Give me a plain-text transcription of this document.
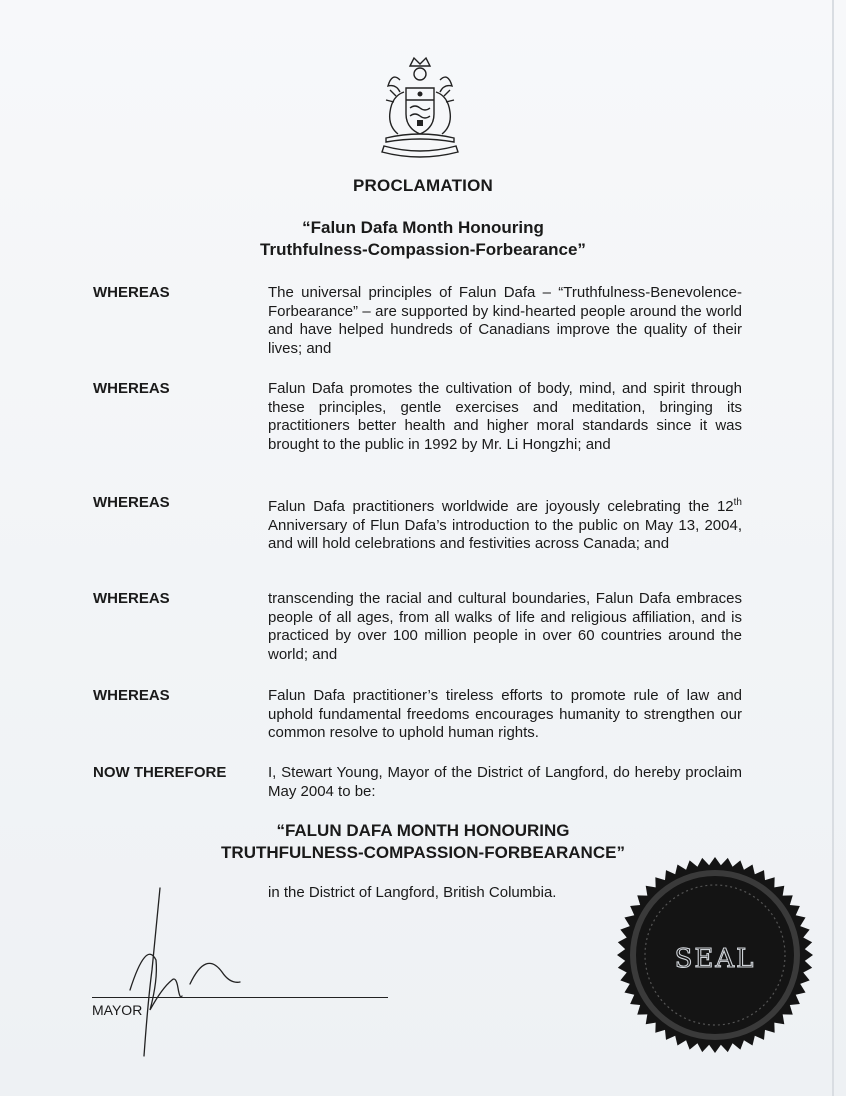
PROCLAMATION
“Falun Dafa Month Honouring
Truthfulness-Compassion-Forbearance”
WHEREAS	The universal principles of Falun Dafa – “Truthfulness-Benevolence-Forbearance” – are supported by kind-hearted people around the world and have helped hundreds of Canadians improve the quality of their lives; and
WHEREAS	Falun Dafa promotes the cultivation of body, mind, and spirit through these principles, gentle exercises and meditation, bringing its practitioners better health and higher moral standards since it was brought to the public in 1992 by Mr. Li Hongzhi; and
WHEREAS	Falun Dafa practitioners worldwide are joyously celebrating the 12th Anniversary of Flun Dafa’s introduction to the public on May 13, 2004, and will hold celebrations and festivities across Canada; and
WHEREAS	transcending the racial and cultural boundaries, Falun Dafa embraces people of all ages, from all walks of life and religious affiliation, and is practiced by over 100 million people in over 60 countries around the world; and
WHEREAS	Falun Dafa practitioner’s tireless efforts to promote rule of law and uphold fundamental freedoms encourages humanity to strengthen our common resolve to uphold human rights.
NOW THEREFORE	I, Stewart Young, Mayor of the District of Langford, do hereby proclaim May 2004 to be:
“FALUN DAFA MONTH HONOURING
TRUTHFULNESS-COMPASSION-FORBEARANCE”
in the District of Langford, British Columbia.
MAYOR
SEAL
